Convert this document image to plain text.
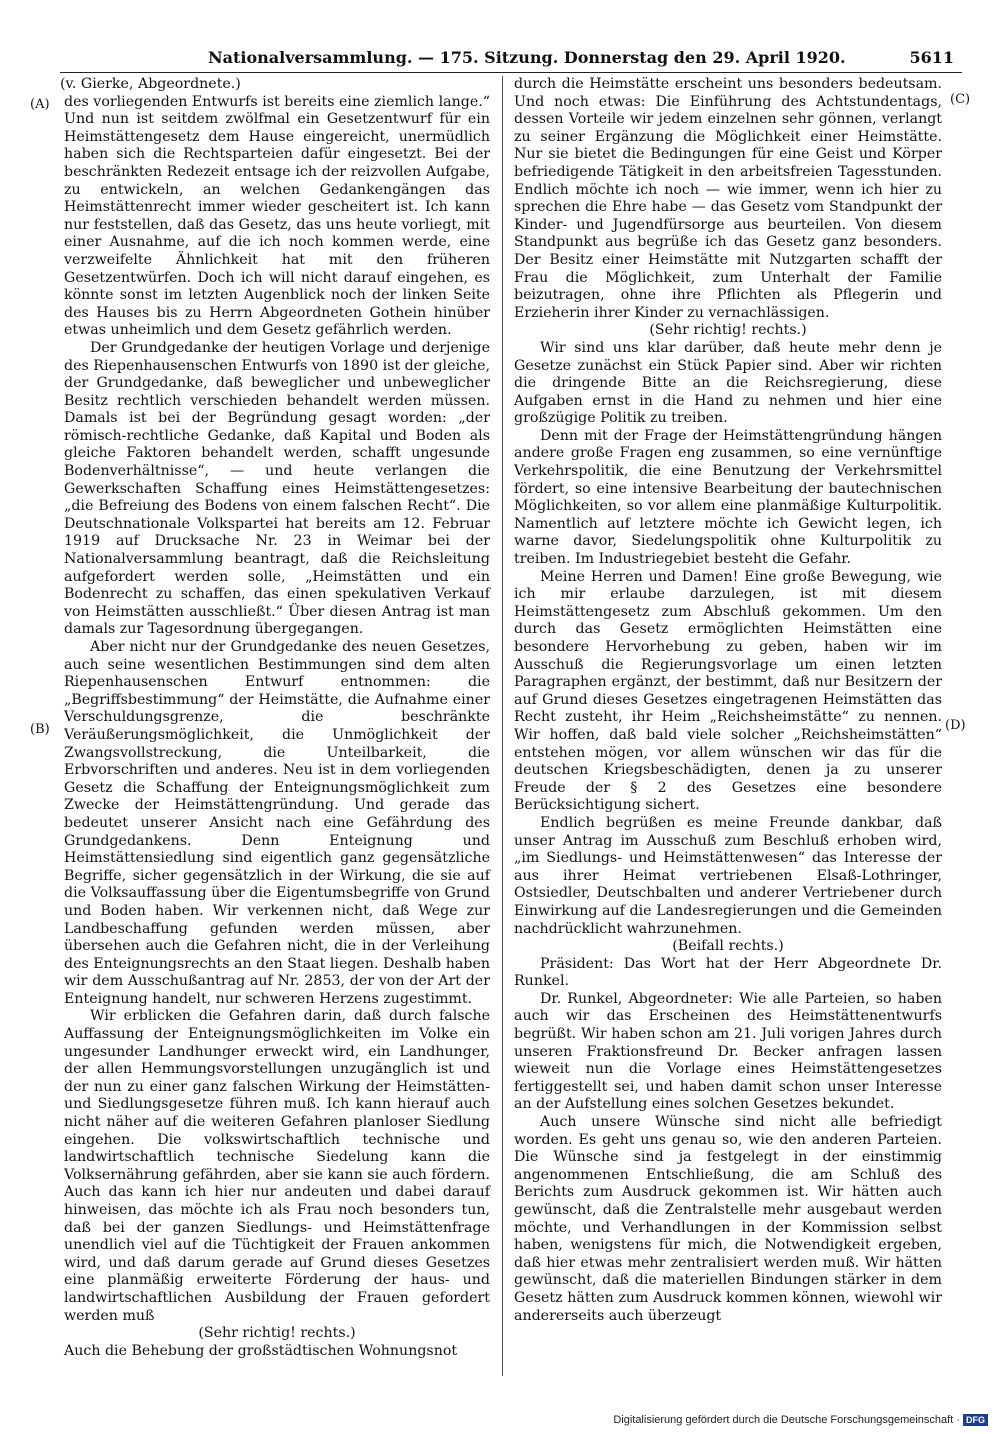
Nationalversammlung. — 175. Sitzung. Donnerstag den 29. April 1920.	5611
(A)
(B)
(C)
(D)

(v. Gierke, Abgeordnete.)

des vorliegenden Entwurfs ist bereits eine ziemlich lange.“ Und nun ist seitdem zwölfmal ein Gesetzentwurf für ein Heimstättengesetz dem Hause eingereicht, unermüdlich haben sich die Rechtsparteien dafür eingesetzt. Bei der beschränkten Redezeit entsage ich der reizvollen Aufgabe, zu entwickeln, an welchen Gedankengängen das Heimstättenrecht immer wieder gescheitert ist. Ich kann nur feststellen, daß das Gesetz, das uns heute vorliegt, mit einer Ausnahme, auf die ich noch kommen werde, eine verzweifelte Ähnlichkeit hat mit den früheren Gesetzentwürfen. Doch ich will nicht darauf eingehen, es könnte sonst im letzten Augenblick noch der linken Seite des Hauses bis zu Herrn Abgeordneten Gothein hinüber etwas unheimlich und dem Gesetz gefährlich werden.

Der Grundgedanke der heutigen Vorlage und derjenige des Riepenhausenschen Entwurfs von 1890 ist der gleiche, der Grundgedanke, daß beweglicher und unbeweglicher Besitz rechtlich verschieden behandelt werden müssen. Damals ist bei der Begründung gesagt worden: „der römisch-rechtliche Gedanke, daß Kapital und Boden als gleiche Faktoren behandelt werden, schafft ungesunde Bodenverhältnisse“, — und heute verlangen die Gewerkschaften Schaffung eines Heimstättengesetzes: „die Befreiung des Bodens von einem falschen Recht“. Die Deutschnationale Volkspartei hat bereits am 12. Februar 1919 auf Drucksache Nr. 23 in Weimar bei der Nationalversammlung beantragt, daß die Reichsleitung aufgefordert werden solle, „Heimstätten und ein Bodenrecht zu schaffen, das einen spekulativen Verkauf von Heimstätten ausschließt.“ Über diesen Antrag ist man damals zur Tagesordnung übergegangen.

Aber nicht nur der Grundgedanke des neuen Gesetzes, auch seine wesentlichen Bestimmungen sind dem alten Riepenhausenschen Entwurf entnommen: die „Begriffsbestimmung“ der Heimstätte, die Aufnahme einer Verschuldungsgrenze, die beschränkte Veräußerungsmöglichkeit, die Unmöglichkeit der Zwangsvollstreckung, die Unteilbarkeit, die Erbvorschriften und anderes. Neu ist in dem vorliegenden Gesetz die Schaffung der Enteignungsmöglichkeit zum Zwecke der Heimstättengründung. Und gerade das bedeutet unserer Ansicht nach eine Gefährdung des Grundgedankens. Denn Enteignung und Heimstättensiedlung sind eigentlich ganz gegensätzliche Begriffe, sicher gegensätzlich in der Wirkung, die sie auf die Volksauffassung über die Eigentumsbegriffe von Grund und Boden haben. Wir verkennen nicht, daß Wege zur Landbeschaffung gefunden werden müssen, aber übersehen auch die Gefahren nicht, die in der Verleihung des Enteignungsrechts an den Staat liegen. Deshalb haben wir dem Ausschußantrag auf Nr. 2853, der von der Art der Enteignung handelt, nur schweren Herzens zugestimmt.

Wir erblicken die Gefahren darin, daß durch falsche Auffassung der Enteignungsmöglichkeiten im Volke ein ungesunder Landhunger erweckt wird, ein Landhunger, der allen Hemmungsvorstellungen unzugänglich ist und der nun zu einer ganz falschen Wirkung der Heimstätten- und Siedlungsgesetze führen muß. Ich kann hierauf auch nicht näher auf die weiteren Gefahren planloser Siedlung eingehen. Die volkswirtschaftlich technische und landwirtschaftlich technische Siedelung kann die Volksernährung gefährden, aber sie kann sie auch fördern. Auch das kann ich hier nur andeuten und dabei darauf hinweisen, das möchte ich als Frau noch besonders tun, daß bei der ganzen Siedlungs- und Heimstättenfrage unendlich viel auf die Tüchtigkeit der Frauen ankommen wird, und daß darum gerade auf Grund dieses Gesetzes eine planmäßig erweiterte Förderung der haus- und landwirtschaftlichen Ausbildung der Frauen gefordert werden muß

(Sehr richtig! rechts.)

Auch die Behebung der großstädtischen Wohnungsnot

durch die Heimstätte erscheint uns besonders bedeutsam. Und noch etwas: Die Einführung des Achtstundentags, dessen Vorteile wir jedem einzelnen sehr gönnen, verlangt zu seiner Ergänzung die Möglichkeit einer Heimstätte. Nur sie bietet die Bedingungen für eine Geist und Körper befriedigende Tätigkeit in den arbeitsfreien Tagesstunden. Endlich möchte ich noch — wie immer, wenn ich hier zu sprechen die Ehre habe — das Gesetz vom Standpunkt der Kinder- und Jugendfürsorge aus beurteilen. Von diesem Standpunkt aus begrüße ich das Gesetz ganz besonders. Der Besitz einer Heimstätte mit Nutzgarten schafft der Frau die Möglichkeit, zum Unterhalt der Familie beizutragen, ohne ihre Pflichten als Pflegerin und Erzieherin ihrer Kinder zu vernachlässigen.

(Sehr richtig! rechts.)

Wir sind uns klar darüber, daß heute mehr denn je Gesetze zunächst ein Stück Papier sind. Aber wir richten die dringende Bitte an die Reichsregierung, diese Aufgaben ernst in die Hand zu nehmen und hier eine großzügige Politik zu treiben.

Denn mit der Frage der Heimstättengründung hängen andere große Fragen eng zusammen, so eine vernünftige Verkehrspolitik, die eine Benutzung der Verkehrsmittel fördert, so eine intensive Bearbeitung der bautechnischen Möglichkeiten, so vor allem eine planmäßige Kulturpolitik. Namentlich auf letztere möchte ich Gewicht legen, ich warne davor, Siedelungspolitik ohne Kulturpolitik zu treiben. Im Industriegebiet besteht die Gefahr.

Meine Herren und Damen! Eine große Bewegung, wie ich mir erlaube darzulegen, ist mit diesem Heimstättengesetz zum Abschluß gekommen. Um den durch das Gesetz ermöglichten Heimstätten eine besondere Hervorhebung zu geben, haben wir im Ausschuß die Regierungsvorlage um einen letzten Paragraphen ergänzt, der bestimmt, daß nur Besitzern der auf Grund dieses Gesetzes eingetragenen Heimstätten das Recht zusteht, ihr Heim „Reichsheimstätte“ zu nennen. Wir hoffen, daß bald viele solcher „Reichsheimstätten“ entstehen mögen, vor allem wünschen wir das für die deutschen Kriegsbeschädigten, denen ja zu unserer Freude der § 2 des Gesetzes eine besondere Berücksichtigung sichert.

Endlich begrüßen es meine Freunde dankbar, daß unser Antrag im Ausschuß zum Beschluß erhoben wird, „im Siedlungs- und Heimstättenwesen“ das Interesse der aus ihrer Heimat vertriebenen Elsaß-Lothringer, Ostsiedler, Deutschbalten und anderer Vertriebener durch Einwirkung auf die Landesregierungen und die Gemeinden nachdrücklicht wahrzunehmen.

(Beifall rechts.)

Präsident: Das Wort hat der Herr Abgeordnete Dr. Runkel.

Dr. Runkel, Abgeordneter: Wie alle Parteien, so haben auch wir das Erscheinen des Heimstättenentwurfs begrüßt. Wir haben schon am 21. Juli vorigen Jahres durch unseren Fraktionsfreund Dr. Becker anfragen lassen wieweit nun die Vorlage eines Heimstättengesetzes fertiggestellt sei, und haben damit schon unser Interesse an der Aufstellung eines solchen Gesetzes bekundet.

Auch unsere Wünsche sind nicht alle befriedigt worden. Es geht uns genau so, wie den anderen Parteien. Die Wünsche sind ja festgelegt in der einstimmig angenommenen Entschließung, die am Schluß des Berichts zum Ausdruck gekommen ist. Wir hätten auch gewünscht, daß die Zentralstelle mehr ausgebaut werden möchte, und Verhandlungen in der Kommission selbst haben, wenigstens für mich, die Notwendigkeit ergeben, daß hier etwas mehr zentralisiert werden muß. Wir hätten gewünscht, daß die materiellen Bindungen stärker in dem Gesetz hätten zum Ausdruck kommen können, wiewohl wir andererseits auch überzeugt

Digitalisierung gefördert durch die Deutsche Forschungsgemeinschaft · DFG
